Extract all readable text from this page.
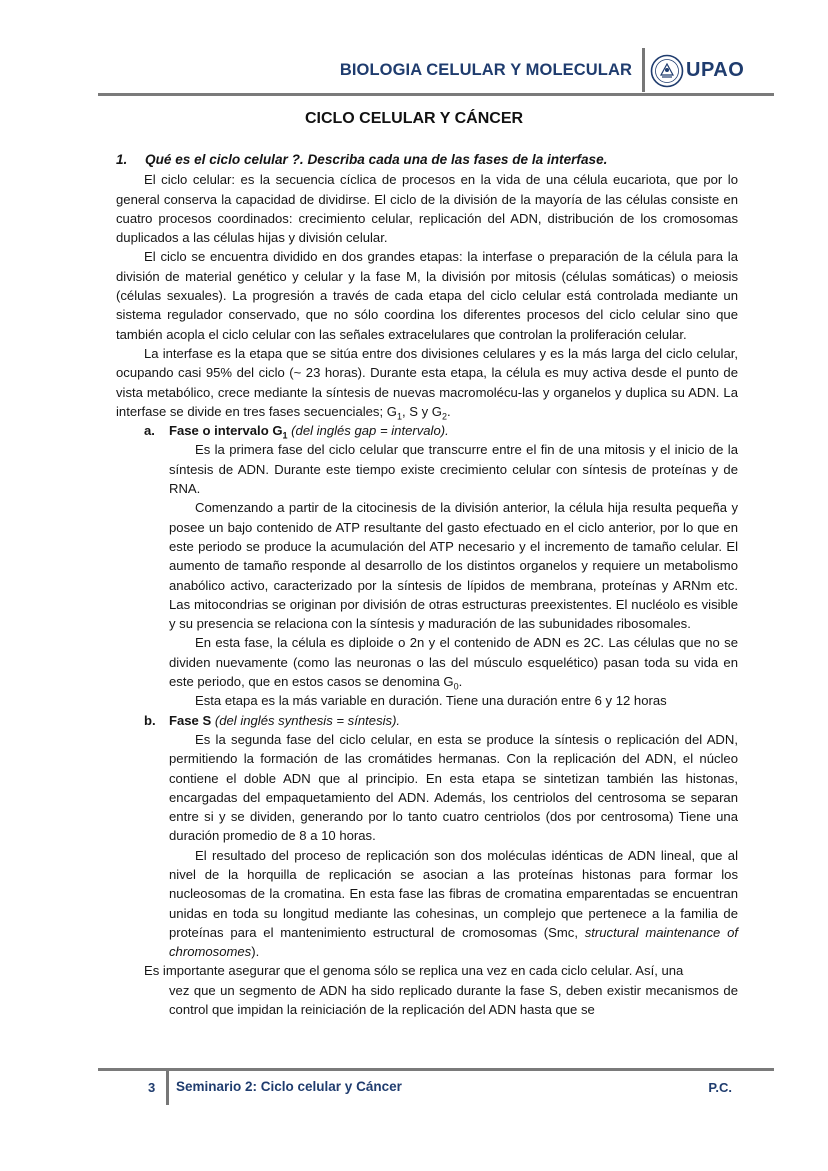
BIOLOGIA CELULAR Y MOLECULAR	UPAO
CICLO CELULAR Y CÁNCER

1.	Qué es el ciclo celular ?. Describa cada una de las fases de la interfase.

El ciclo celular: es la secuencia cíclica de procesos en la vida de una célula eucariota, que por lo general conserva la capacidad de dividirse. El ciclo de la división de la mayoría de las células consiste en cuatro procesos coordinados: crecimiento celular, replicación del ADN, distribución de los cromosomas duplicados a las células hijas y división celular.

El ciclo se encuentra dividido en dos grandes etapas: la interfase o preparación de la célula para la división de material genético y celular y la fase M, la división por mitosis (células somáticas) o meiosis (células sexuales). La progresión a través de cada etapa del ciclo celular está controlada mediante un sistema regulador conservado, que no sólo coordina los diferentes procesos del ciclo celular sino que también acopla el ciclo celular con las señales extracelulares que controlan la proliferación celular.

La interfase es la etapa que se sitúa entre dos divisiones celulares y es la más larga del ciclo celular, ocupando casi 95% del ciclo (~ 23 horas). Durante esta etapa, la célula es muy activa desde el punto de vista metabólico, crece mediante la síntesis de nuevas macromolécu-las y organelos y duplica su ADN. La interfase se divide en tres fases secuenciales; $G_1$, S y $G_2$.

a. Fase o intervalo $G_1$ (del inglés gap = intervalo).

Es la primera fase del ciclo celular que transcurre entre el fin de una mitosis y el inicio de la síntesis de ADN. Durante este tiempo existe crecimiento celular con síntesis de proteínas y de RNA.

Comenzando a partir de la citocinesis de la división anterior, la célula hija resulta pequeña y posee un bajo contenido de ATP resultante del gasto efectuado en el ciclo anterior, por lo que en este periodo se produce la acumulación del ATP necesario y el incremento de tamaño celular. El aumento de tamaño responde al desarrollo de los distintos organelos y requiere un metabolismo anabólico activo, caracterizado por la síntesis de lípidos de membrana, proteínas y ARNm etc. Las mitocondrias se originan por división de otras estructuras preexistentes. El nucléolo es visible y su presencia se relaciona con la síntesis y maduración de las subunidades ribosomales.

En esta fase, la célula es diploide o 2n y el contenido de ADN es 2C. Las células que no se dividen nuevamente (como las neuronas o las del músculo esquelético) pasan toda su vida en este periodo, que en estos casos se denomina $G_0$.

Esta etapa es la más variable en duración. Tiene una duración entre 6 y 12 horas

b. Fase S (del inglés synthesis = síntesis).

Es la segunda fase del ciclo celular, en esta se produce la síntesis o replicación del ADN, permitiendo la formación de las cromátides hermanas. Con la replicación del ADN, el núcleo contiene el doble ADN que al principio. En esta etapa se sintetizan también las histonas, encargadas del empaquetamiento del ADN. Además, los centriolos del centrosoma se separan entre si y se dividen, generando por lo tanto cuatro centriolos (dos por centrosoma) Tiene una duración promedio de 8 a 10 horas.

El resultado del proceso de replicación son dos moléculas idénticas de ADN lineal, que al nivel de la horquilla de replicación se asocian a las proteínas histonas para formar los nucleosomas de la cromatina. En esta fase las fibras de cromatina emparentadas se encuentran unidas en toda su longitud mediante las cohesinas, un complejo que pertenece a la familia de proteínas para el mantenimiento estructural de cromosomas (Smc, structural maintenance of chromosomes).

Es importante asegurar que el genoma sólo se replica una vez en cada ciclo celular. Así, una

vez que un segmento de ADN ha sido replicado durante la fase S, deben existir mecanismos de control que impidan la reiniciación de la replicación del ADN hasta que se

3 Seminario 2: Ciclo celular y Cáncer	P.C.
